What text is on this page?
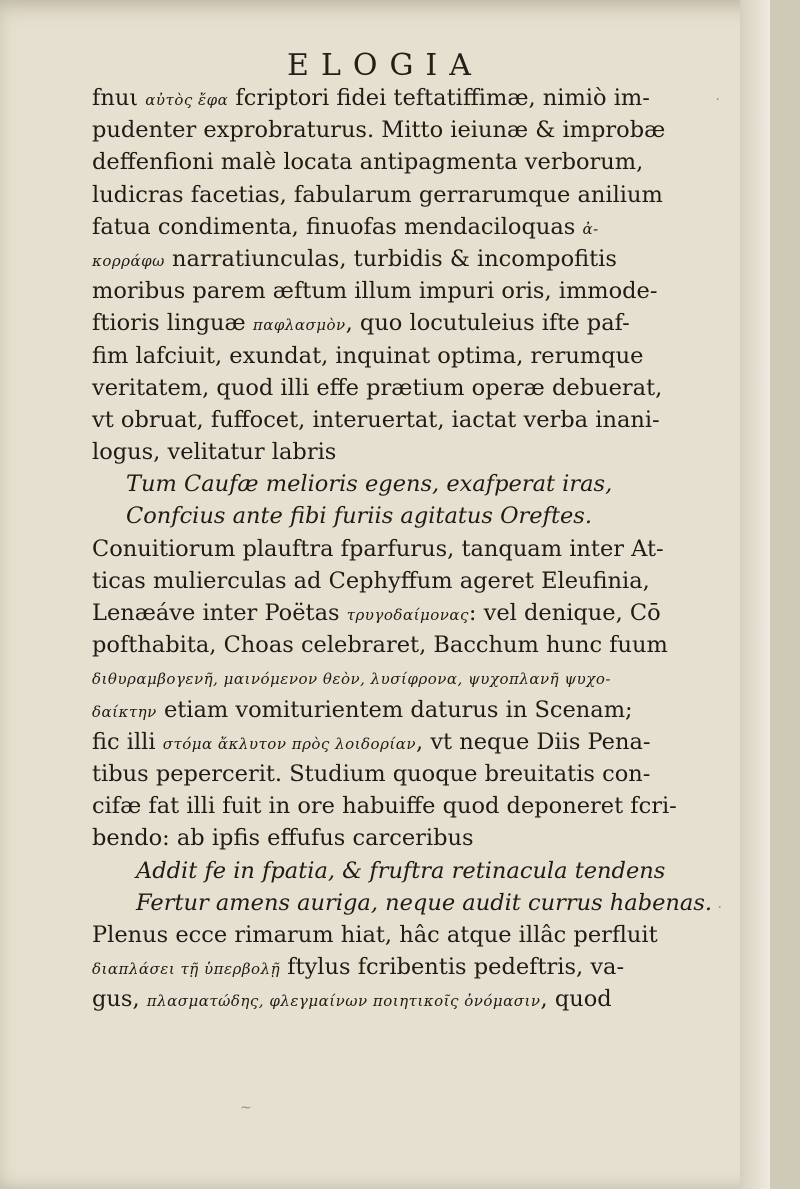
ELOGIA
fnuι αὐτὸς ἔφα fcriptori fidei teftatiffimæ, nimiò im-
pudenter exprobraturus. Mitto ieiunæ & improbæ
deffenfioni malè locata antipagmenta verborum,
ludicras facetias, fabularum gerrarumque anilium
fatua condimenta, finuofas mendaciloquas ἀ-
κορράφω narratiunculas, turbidis & incompofitis
moribus parem æftum illum impuri oris, immode-
ftioris linguæ παφλασμὸν, quo locutuleius ifte paf-
fim lafciuit, exundat, inquinat optima, rerumque
veritatem, quod illi effe prætium operæ debuerat,
vt obruat, fuffocet, interuertat, iactat verba inani-
logus, velitatur labris
Tum Caufæ melioris egens, exafperat iras,
Confcius ante fibi furiis agitatus Oreftes.
Conuitiorum plauftra fparfurus, tanquam inter At-
ticas mulierculas ad Cephyffum ageret Eleufinia,
Lenæáve inter Poëtas τρυγοδαίμονας: vel denique, Cō
pofthabita, Choas celebraret, Bacchum hunc fuum
διθυραμβογενῆ, μαινόμενον θεὸν, λυσίφρονα, ψυχοπλανῆ ψυχο-
δαίκτην etiam vomiturientem daturus in Scenam;
fic illi στόμα ἄκλυτον πρὸς λοιδορίαν, vt neque Diis Pena-
tibus pepercerit. Studium quoque breuitatis con-
cifæ fat illi fuit in ore habuiffe quod deponeret fcri-
bendo: ab ipfis effufus carceribus
Addit fe in fpatia, & fruftra retinacula tendens
Fertur amens auriga, neque audit currus habenas.
Plenus ecce rimarum hiat, hâc atque illâc perfluit
διαπλάσει τῇ ὑπερβολῇ ftylus fcribentis pedeftris, va-
gus, πλασματώδης, φλεγμαίνων ποιητικοῖς ὀνόμασιν, quod
·
·
~
